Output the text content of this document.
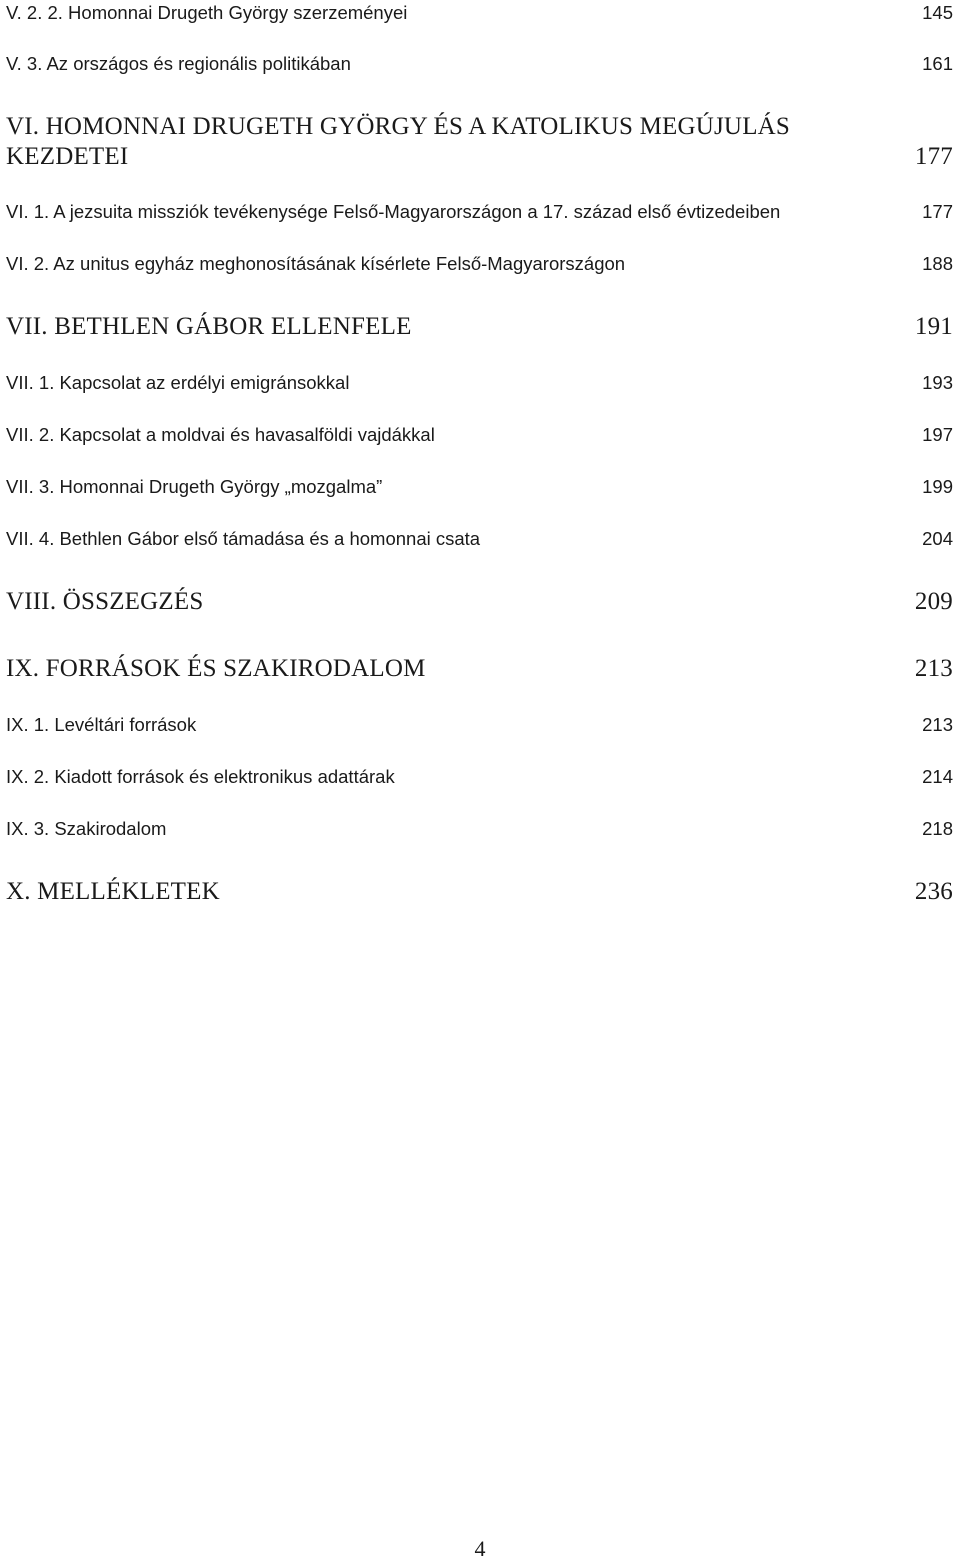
V. 2. 2. Homonnai Drugeth György szerzeményei	145
V. 3. Az országos és regionális politikában	161
VI. HOMONNAI DRUGETH GYÖRGY ÉS A KATOLIKUS MEGÚJULÁS
KEZDETEI	177
VI. 1. A jezsuita missziók tevékenysége Felső-Magyarországon a 17. század első évtizedeiben	177
VI. 2. Az unitus egyház meghonosításának kísérlete Felső-Magyarországon	188
VII. BETHLEN GÁBOR ELLENFELE	191
VII. 1. Kapcsolat az erdélyi emigránsokkal	193
VII. 2. Kapcsolat a moldvai és havasalföldi vajdákkal	197
VII. 3. Homonnai Drugeth György „mozgalma”	199
VII. 4. Bethlen Gábor első támadása és a homonnai csata	204
VIII. ÖSSZEGZÉS	209
IX. FORRÁSOK ÉS SZAKIRODALOM	213
IX. 1. Levéltári források	213
IX. 2. Kiadott források és elektronikus adattárak	214
IX. 3. Szakirodalom	218
X. MELLÉKLETEK	236
4
